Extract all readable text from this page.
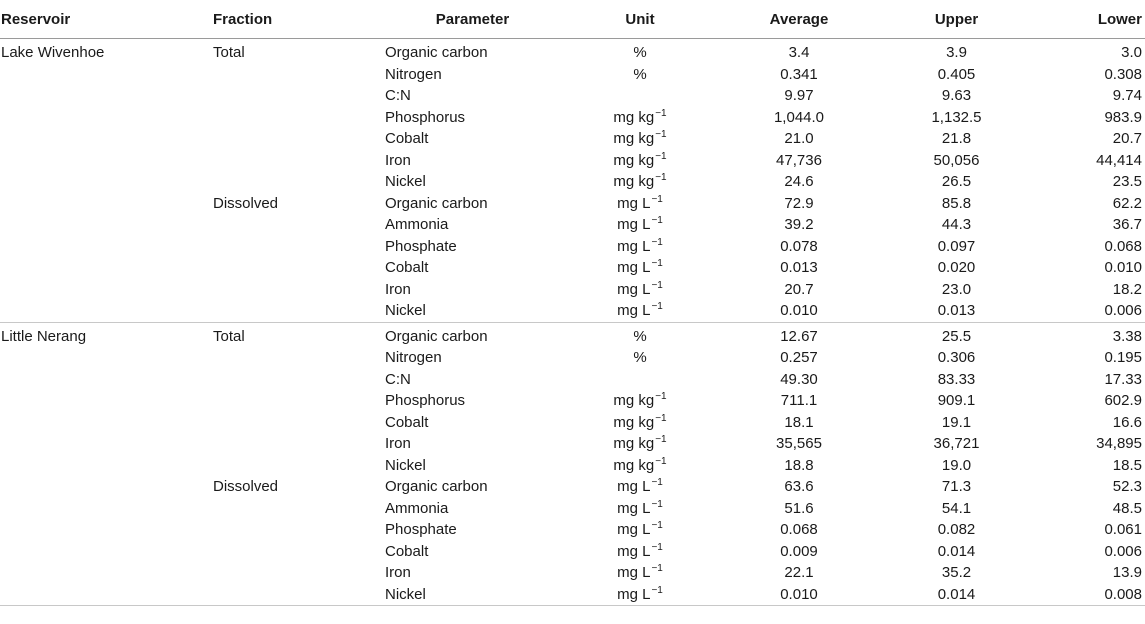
Reservoir	Fraction	Parameter	Unit	Average	Upper	Lower
Lake Wivenhoe	Total	Organic carbon	%	3.4	3.9	3.0
		Nitrogen	%	0.341	0.405	0.308
		C:N		9.97	9.63	9.74
		Phosphorus	mg $kg^{-1}$	1,044.0	1,132.5	983.9
		Cobalt	mg $kg^{-1}$	21.0	21.8	20.7
		Iron	mg $kg^{-1}$	47,736	50,056	44,414
		Nickel	mg $kg^{-1}$	24.6	26.5	23.5
	Dissolved	Organic carbon	mg $L^{-1}$	72.9	85.8	62.2
		Ammonia	mg $L^{-1}$	39.2	44.3	36.7
		Phosphate	mg $L^{-1}$	0.078	0.097	0.068
		Cobalt	mg $L^{-1}$	0.013	0.020	0.010
		Iron	mg $L^{-1}$	20.7	23.0	18.2
		Nickel	mg $L^{-1}$	0.010	0.013	0.006
Little Nerang	Total	Organic carbon	%	12.67	25.5	3.38
		Nitrogen	%	0.257	0.306	0.195
		C:N		49.30	83.33	17.33
		Phosphorus	mg $kg^{-1}$	711.1	909.1	602.9
		Cobalt	mg $kg^{-1}$	18.1	19.1	16.6
		Iron	mg $kg^{-1}$	35,565	36,721	34,895
		Nickel	mg $kg^{-1}$	18.8	19.0	18.5
	Dissolved	Organic carbon	mg $L^{-1}$	63.6	71.3	52.3
		Ammonia	mg $L^{-1}$	51.6	54.1	48.5
		Phosphate	mg $L^{-1}$	0.068	0.082	0.061
		Cobalt	mg $L^{-1}$	0.009	0.014	0.006
		Iron	mg $L^{-1}$	22.1	35.2	13.9
		Nickel	mg $L^{-1}$	0.010	0.014	0.008
